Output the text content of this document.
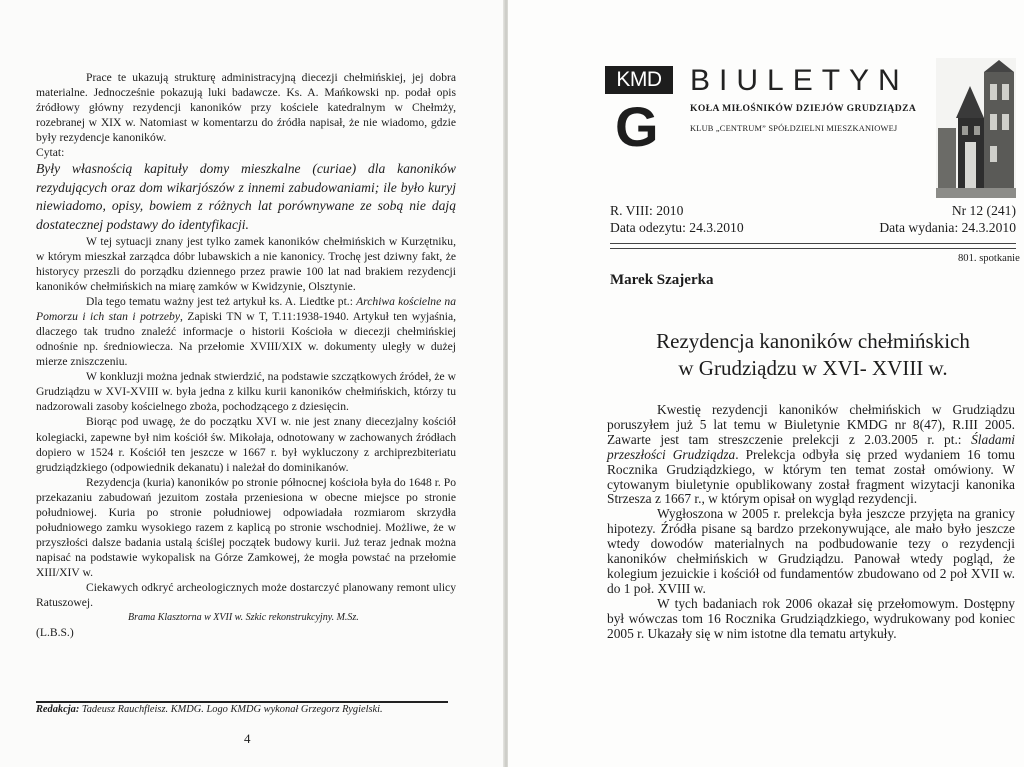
Prace te ukazują strukturę administracyjną diecezji chełmińskiej, jej dobra materialne. Jednocześnie pokazują luki badawcze. Ks. A. Mańkowski np. podał opis źródłowy główny rezydencji kanoników przy kościele katedralnym w Chełmży, rozebranej w XIX w. Natomiast w komentarzu do źródła napisał, że nie wiadomo, gdzie były rezydencje kanoników.

Cytat:

Były własnością kapituły domy mieszkalne (curiae) dla kanoników rezydujących oraz dom wikarjószów z innemi zabudowaniami; ile było kuryj niewiadomo, opisy, bowiem z różnych lat porównywane ze sobą nie dają dostatecznej podstawy do identyfikacji.

W tej sytuacji znany jest tylko zamek kanoników chełmińskich w Kurzętniku, w którym mieszkał zarządca dóbr lubawskich a nie kanonicy. Trochę jest dziwny fakt, że historycy przeszli do porządku dziennego przez prawie 100 lat nad brakiem rezydencji kanoników chełmińskich na miarę zamków w Kwidzynie, Olsztynie.

Dla tego tematu ważny jest też artykuł ks. A. Liedtke pt.: Archiwa kościelne na Pomorzu i ich stan i potrzeby, Zapiski TN w T, T.11:1938-1940. Artykuł ten wyjaśnia, dlaczego tak trudno znaleźć informacje o historii Kościoła w diecezji chełmińskiej odnośnie np. średniowiecza. Na przełomie XVIII/XIX w. dokumenty uległy w dużej mierze zniszczeniu.

W konkluzji można jednak stwierdzić, na podstawie szczątkowych źródeł, że w Grudziądzu w XVI-XVIII w. była jedna z kilku kurii kanoników chełmińskich, którzy tu nadzorowali zasoby kościelnego zboża, pochodzącego z dziesięcin.

Biorąc pod uwagę, że do początku XVI w. nie jest znany diecezjalny kościół kolegiacki, zapewne był nim kościół św. Mikołaja, odnotowany w zachowanych źródłach dopiero w 1524 r. Kościół ten jeszcze w 1667 r. był wykluczony z archiprezbiteriatu grudziądzkiego (odpowiednik dekanatu) i należał do dominikanów.

Rezydencja (kuria) kanoników po stronie północnej kościoła była do 1648 r. Po przekazaniu zabudowań jezuitom została przeniesiona w obecne miejsce po stronie południowej. Kuria po stronie południowej odpowiadała rozmiarom skrzydła południowego zamku wysokiego razem z kaplicą po stronie wschodniej. Możliwe, że w przyszłości dalsze badania ustalą ściślej początek budowy kurii. Już teraz jednak można napisać na podstawie wykopalisk na Górze Zamkowej, że mogła powstać na przełomie XIII/XIV w.

Ciekawych odkryć archeologicznych może dostarczyć planowany remont ulicy Ratuszowej.

Brama Klasztorna w XVII w. Szkic rekonstrukcyjny. M.Sz.

(L.B.S.)

Redakcja: Tadeusz Rauchfleisz. KMDG. Logo KMDG wykonał Grzegorz Rygielski.
4
KMD
G
BIULETYN
KOŁA MIŁOŚNIKÓW DZIEJÓW GRUDZIĄDZA
KLUB „CENTRUM” SPÓŁDZIELNI MIESZKANIOWEJ
R. VIII: 2010	Nr 12 (241)
Data odezytu: 24.3.2010	Data wydania: 24.3.2010
801. spotkanie
Marek Szajerka
Rezydencja kanoników chełmińskich
w Grudziądzu w XVI- XVIII w.

Kwestię rezydencji kanoników chełmińskich w Grudziądzu poruszyłem już 5 lat temu w Biuletynie KMDG nr 8(47), R.III 2005. Zawarte jest tam streszczenie prelekcji z 2.03.2005 r. pt.: Śladami przeszłości Grudziądza. Prelekcja odbyła się przed wydaniem 16 tomu Rocznika Grudziądzkiego, w którym ten temat został omówiony. W cytowanym biuletynie opublikowany został fragment wizytacji kanonika Strzesza z 1667 r., w którym opisał on wygląd rezydencji.

Wygłoszona w 2005 r. prelekcja była jeszcze przyjęta na granicy hipotezy. Źródła pisane są bardzo przekonywujące, ale mało było jeszcze wtedy dowodów materialnych na podbudowanie tezy o rezydencji kanoników chełmińskich w Grudziądzu. Panował wtedy pogląd, że kolegium jezuickie i kościół od fundamentów zbudowano od 2 poł XVII w. do 1 poł. XVIII w.

W tych badaniach rok 2006 okazał się przełomowym. Dostępny był wówczas tom 16 Rocznika Grudziądzkiego, wydrukowany pod koniec 2005 r. Ukazały się w nim istotne dla tematu artykuły.
